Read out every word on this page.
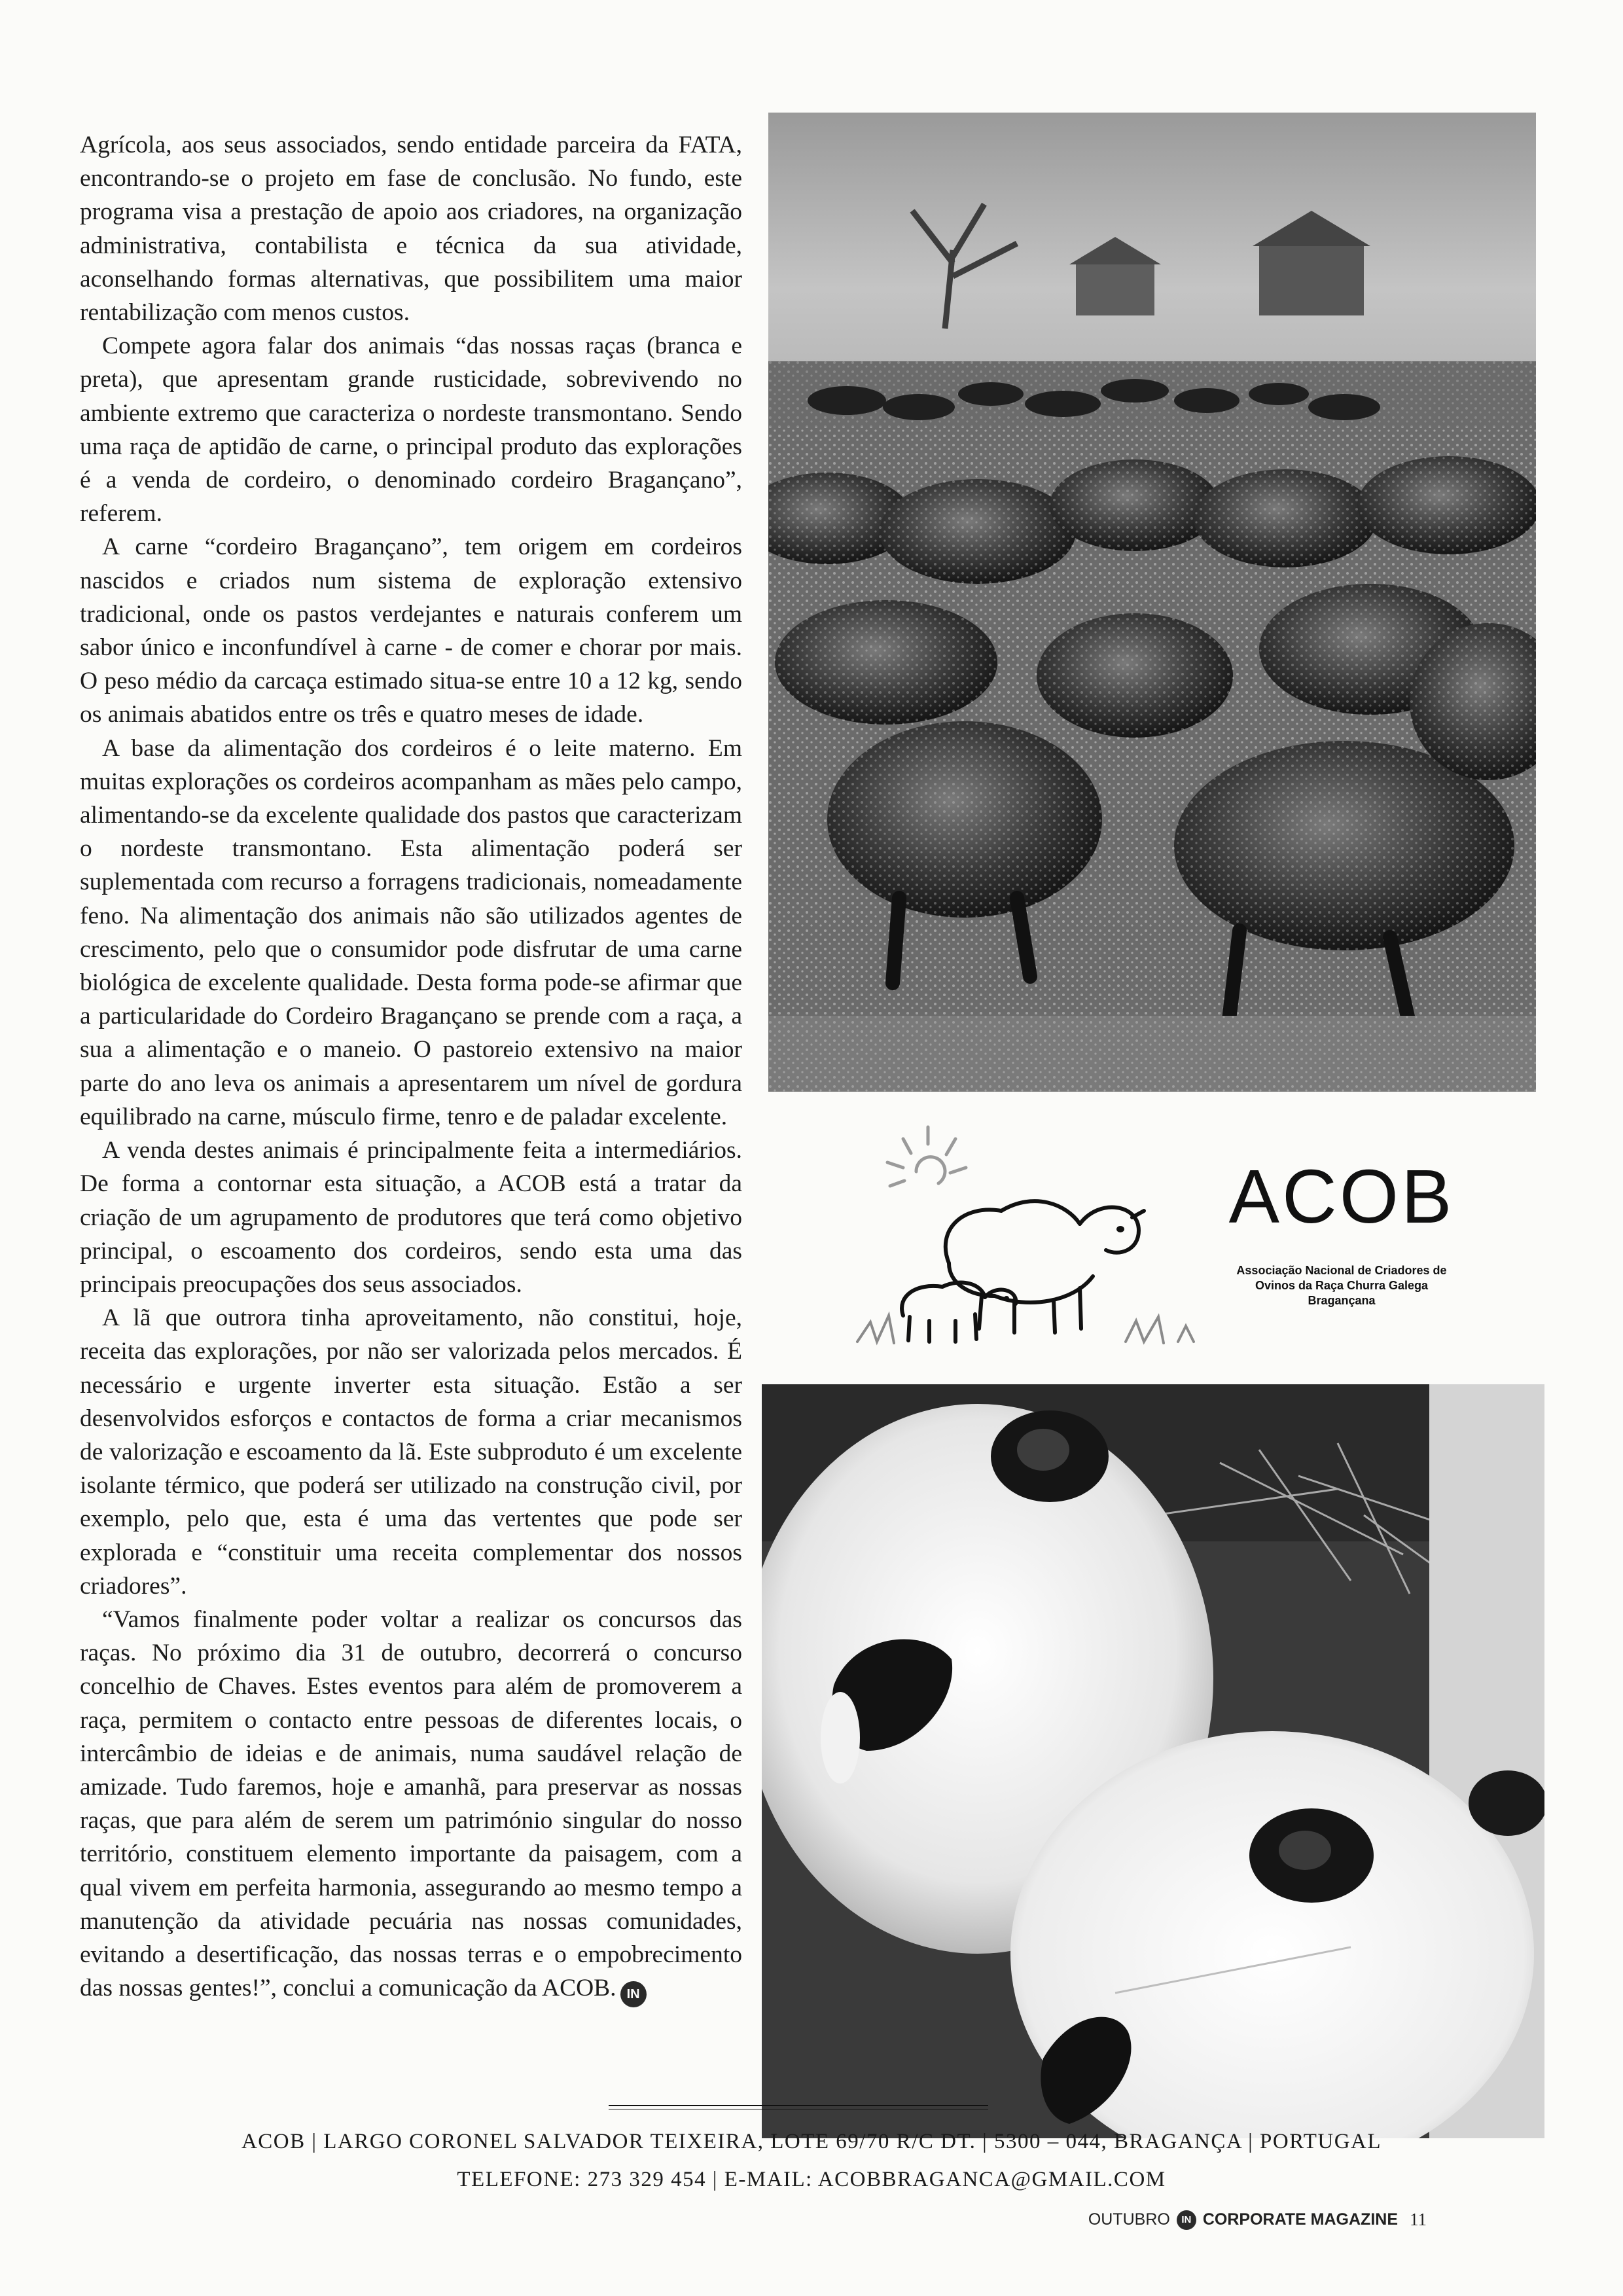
Agrícola, aos seus associados, sendo entidade parceira da FATA, encontrando-se o projeto em fase de conclusão. No fundo, este programa visa a prestação de apoio aos criadores, na organização administrativa, contabilista e técnica da sua atividade, aconselhando formas alternativas, que possibilitem uma maior rentabilização com menos custos.

Compete agora falar dos animais “das nossas raças (branca e preta), que apresentam grande rusticidade, sobrevivendo no ambiente extremo que caracteriza o nordeste transmontano. Sendo uma raça de aptidão de carne, o principal produto das explorações é a venda de cordeiro, o denominado cordeiro Bragançano”, referem.

A carne “cordeiro Bragançano”, tem origem em cordeiros nascidos e criados num sistema de exploração extensivo tradicional, onde os pastos verdejantes e naturais conferem um sabor único e inconfundível à carne - de comer e chorar por mais. O peso médio da carcaça estimado situa-se entre 10 a 12 kg, sendo os animais abatidos entre os três e quatro meses de idade.

A base da alimentação dos cordeiros é o leite materno. Em muitas explorações os cordeiros acompanham as mães pelo campo, alimentando-se da excelente qualidade dos pastos que caracterizam o nordeste transmontano. Esta alimentação poderá ser suplementada com recurso a forragens tradicionais, nomeadamente feno. Na alimentação dos animais não são utilizados agentes de crescimento, pelo que o consumidor pode disfrutar de uma carne biológica de excelente qualidade. Desta forma pode-se afirmar que a particularidade do Cordeiro Bragançano se prende com a raça, a sua a alimentação e o maneio. O pastoreio extensivo na maior parte do ano leva os animais a apresentarem um nível de gordura equilibrado na carne, músculo firme, tenro e de paladar excelente.

A venda destes animais é principalmente feita a intermediários. De forma a contornar esta situação, a ACOB está a tratar da criação de um agrupamento de produtores que terá como objetivo principal, o escoamento dos cordeiros, sendo esta uma das principais preocupações dos seus associados.

A lã que outrora tinha aproveitamento, não constitui, hoje, receita das explorações, por não ser valorizada pelos mercados. É necessário e urgente inverter esta situação. Estão a ser desenvolvidos esforços e contactos de forma a criar mecanismos de valorização e escoamento da lã. Este subproduto é um excelente isolante térmico, que poderá ser utilizado na construção civil, por exemplo, pelo que, esta é uma das vertentes que pode ser explorada e “constituir uma receita complementar dos nossos criadores”.

“Vamos finalmente poder voltar a realizar os concursos das raças. No próximo dia 31 de outubro, decorrerá o concurso concelhio de Chaves. Estes eventos para além de promoverem a raça, permitem o contacto entre pessoas de diferentes locais, o intercâmbio de ideias e de animais, numa saudável relação de amizade. Tudo faremos, hoje e amanhã, para preservar as nossas raças, que para além de serem um património singular do nosso território, constituem elemento importante da paisagem, com a qual vivem em perfeita harmonia, assegurando ao mesmo tempo a manutenção da atividade pecuária nas nossas comunidades, evitando a desertificação, das nossas terras e o empobrecimento das nossas gentes!”, conclui a comunicação da ACOB. IN

ACOB
Associação Nacional de Criadores de
Ovinos da Raça Churra Galega
Bragançana
ACOB | LARGO CORONEL SALVADOR TEIXEIRA, LOTE 69/70 R/C DT. | 5300 – 044, BRAGANÇA | PORTUGAL
TELEFONE: 273 329 454 | E-MAIL: ACOBBRAGANCA@GMAIL.COM
OUTUBRO	IN CORPORATE MAGAZINE 11
